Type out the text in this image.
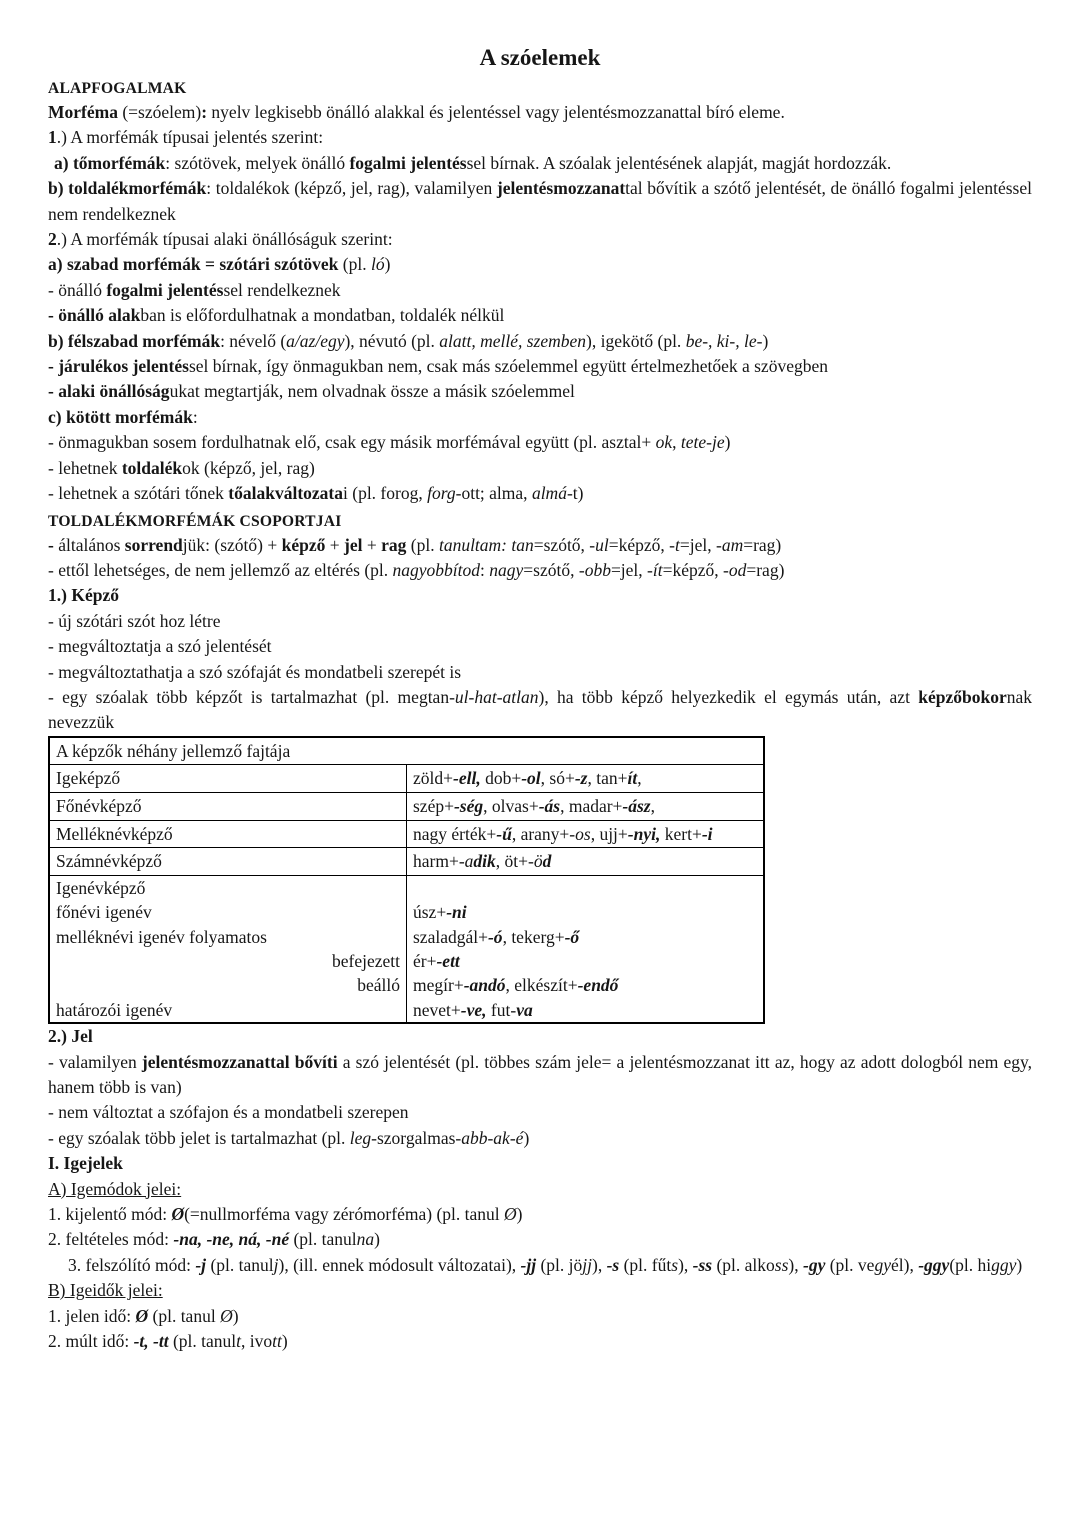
A szóelemek
ALAPFOGALMAK

Morféma (=szóelem): nyelv legkisebb önálló alakkal és jelentéssel vagy jelentésmozzanattal bíró eleme.

1.) A morfémák típusai jelentés szerint:

a) tőmorfémák: szótövek, melyek önálló fogalmi jelentéssel bírnak. A szóalak jelentésének alapját, magját hordozzák.

b) toldalékmorfémák: toldalékok (képző, jel, rag), valamilyen jelentésmozzanattal bővítik a szótő jelentését, de önálló fogalmi jelentéssel nem rendelkeznek

2.) A morfémák típusai alaki önállóságuk szerint:

a) szabad morfémák = szótári szótövek (pl. ló)

- önálló fogalmi jelentéssel rendelkeznek

- önálló alakban is előfordulhatnak a mondatban, toldalék nélkül

b) félszabad morfémák: névelő (a/az/egy), névutó (pl. alatt, mellé, szemben), igekötő (pl. be-, ki-, le-)

- járulékos jelentéssel bírnak, így önmagukban nem, csak más szóelemmel együtt értelmezhetőek a szövegben

- alaki önállóságukat megtartják, nem olvadnak össze a másik szóelemmel

c) kötött morfémák:

- önmagukban sosem fordulhatnak elő, csak egy másik morfémával együtt (pl. asztal+ ok, tete-je)

- lehetnek toldalékok (képző, jel, rag)

- lehetnek a szótári tőnek tőalakváltozatai (pl. forog, forg-ott; alma, almá-t)

TOLDALÉKMORFÉMÁK CSOPORTJAI

- általános sorrendjük: (szótő) + képző + jel + rag (pl. tanultam: tan=szótő, -ul=képző, -t=jel, -am=rag)

- ettől lehetséges, de nem jellemző az eltérés (pl. nagyobbítod: nagy=szótő, -obb=jel, -ít=képző, -od=rag)

1.) Képző

- új szótári szót hoz létre

- megváltoztatja a szó jelentését

- megváltoztathatja a szó szófaját és mondatbeli szerepét is

- egy szóalak több képzőt is tartalmazhat (pl. megtan-ul-hat-atlan), ha több képző helyezkedik el egymás után, azt képzőbokornak nevezzük

A képzők néhány jellemző fajtája	
Igeképző	zöld+-ell, dob+-ol, só+-z, tan+ít,
Főnévképző	szép+-ség, olvas+-ás, madar+-ász,
Melléknévképző	nagy érték+-ű, arany+-os, ujj+-nyi, kert+-i
Számnévképző	harm+-adik, öt+-öd
Igenévképző	
főnévi igenév	úsz+-ni
melléknévi igenév folyamatos	szaladgál+-ó, tekerg+-ő
befejezett	ér+-ett
beálló	megír+-andó, elkészít+-endő
határozói igenév	nevet+-ve, fut-va

2.) Jel

- valamilyen jelentésmozzanattal bővíti a szó jelentését (pl. többes szám jele= a jelentésmozzanat itt az, hogy az adott dologból nem egy, hanem több is van)

- nem változtat a szófajon és a mondatbeli szerepen

- egy szóalak több jelet is tartalmazhat (pl. leg-szorgalmas-abb-ak-é)

I. Igejelek

A) Igemódok jelei:

1. kijelentő mód: Ø(=nullmorféma vagy zérómorféma) (pl. tanul Ø)

2. feltételes mód: -na, -ne, ná, -né (pl. tanulna)

3. felszólító mód: -j (pl. tanulj), (ill. ennek módosult változatai), -jj (pl. jöjj), -s (pl. fűts), -ss (pl. alkoss), -gy (pl. vegyél), -ggy(pl. higgy)

B) Igeidők jelei:

1. jelen idő: Ø (pl. tanul Ø)

2. múlt idő: -t, -tt (pl. tanult, ivott)
